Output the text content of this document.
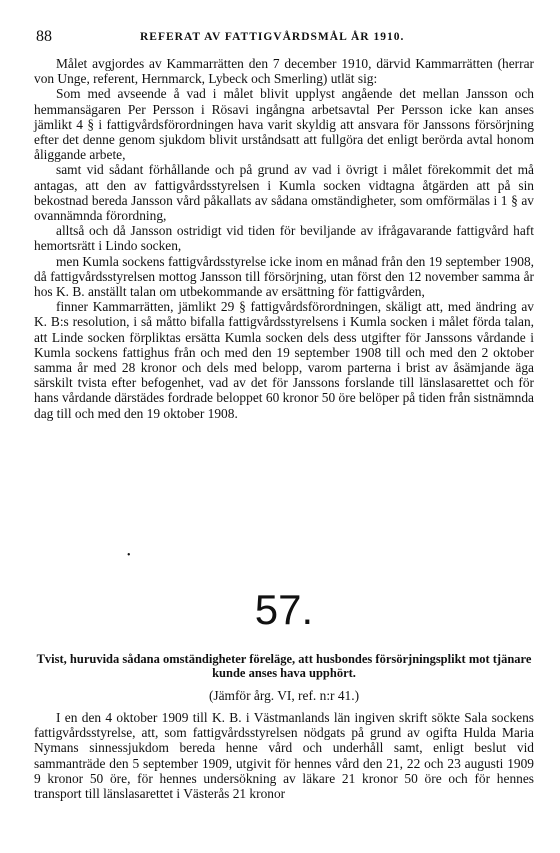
88	REFERAT AV FATTIGVÅRDSMÅL ÅR 1910.

Målet avgjordes av Kammarrätten den 7 december 1910, därvid Kammarrätten (herrar von Unge, referent, Hernmarck, Lybeck och Smerling) utlät sig:

Som med avseende å vad i målet blivit upplyst angående det mellan Jansson och hemmansägaren Per Persson i Rösavi ingångna arbetsavtal Per Persson icke kan anses jämlikt 4 § i fattigvårdsförordningen hava varit skyldig att ansvara för Janssons försörjning efter det denne genom sjukdom blivit urståndsatt att fullgöra det enligt berörda avtal honom åliggande arbete,

samt vid sådant förhållande och på grund av vad i övrigt i målet förekommit det må antagas, att den av fattigvårdsstyrelsen i Kumla socken vidtagna åtgärden att på sin bekostnad bereda Jansson vård påkallats av sådana omständigheter, som omförmälas i 1 § av ovannämnda förordning,

alltså och då Jansson ostridigt vid tiden för beviljande av ifrågavarande fattigvård haft hemortsrätt i Lindo socken,

men Kumla sockens fattigvårdsstyrelse icke inom en månad från den 19 september 1908, då fattigvårdsstyrelsen mottog Jansson till försörjning, utan först den 12 november samma år hos K. B. anställt talan om utbekommande av ersättning för fattigvården,

finner Kammarrätten, jämlikt 29 § fattigvårdsförordningen, skäligt att, med ändring av K. B:s resolution, i så måtto bifalla fattigvårdsstyrelsens i Kumla socken i målet förda talan, att Linde socken förpliktas ersätta Kumla socken dels dess utgifter för Janssons vårdande i Kumla sockens fattighus från och med den 19 september 1908 till och med den 2 oktober samma år med 28 kronor och dels med belopp, varom parterna i brist av åsämjande äga särskilt tvista efter befogenhet, vad av det för Janssons forslande till länslasarettet och för hans vårdande därstädes fordrade beloppet 60 kronor 50 öre belöper på tiden från sistnämnda dag till och med den 19 oktober 1908.

•
57.
Tvist, huruvida sådana omständigheter föreläge, att husbondes försörjningsplikt mot tjänare kunde anses hava upphört.
(Jämför årg. VI, ref. n:r 41.)

I en den 4 oktober 1909 till K. B. i Västmanlands län ingiven skrift sökte Sala sockens fattigvårdsstyrelse, att, som fattigvårdsstyrelsen nödgats på grund av ogifta Hulda Maria Nymans sinnessjukdom bereda henne vård och underhåll samt, enligt beslut vid sammanträde den 5 september 1909, utgivit för hennes vård den 21, 22 och 23 augusti 1909 9 kronor 50 öre, för hennes undersökning av läkare 21 kronor 50 öre och för hennes transport till länslasarettet i Västerås 21 kronor
